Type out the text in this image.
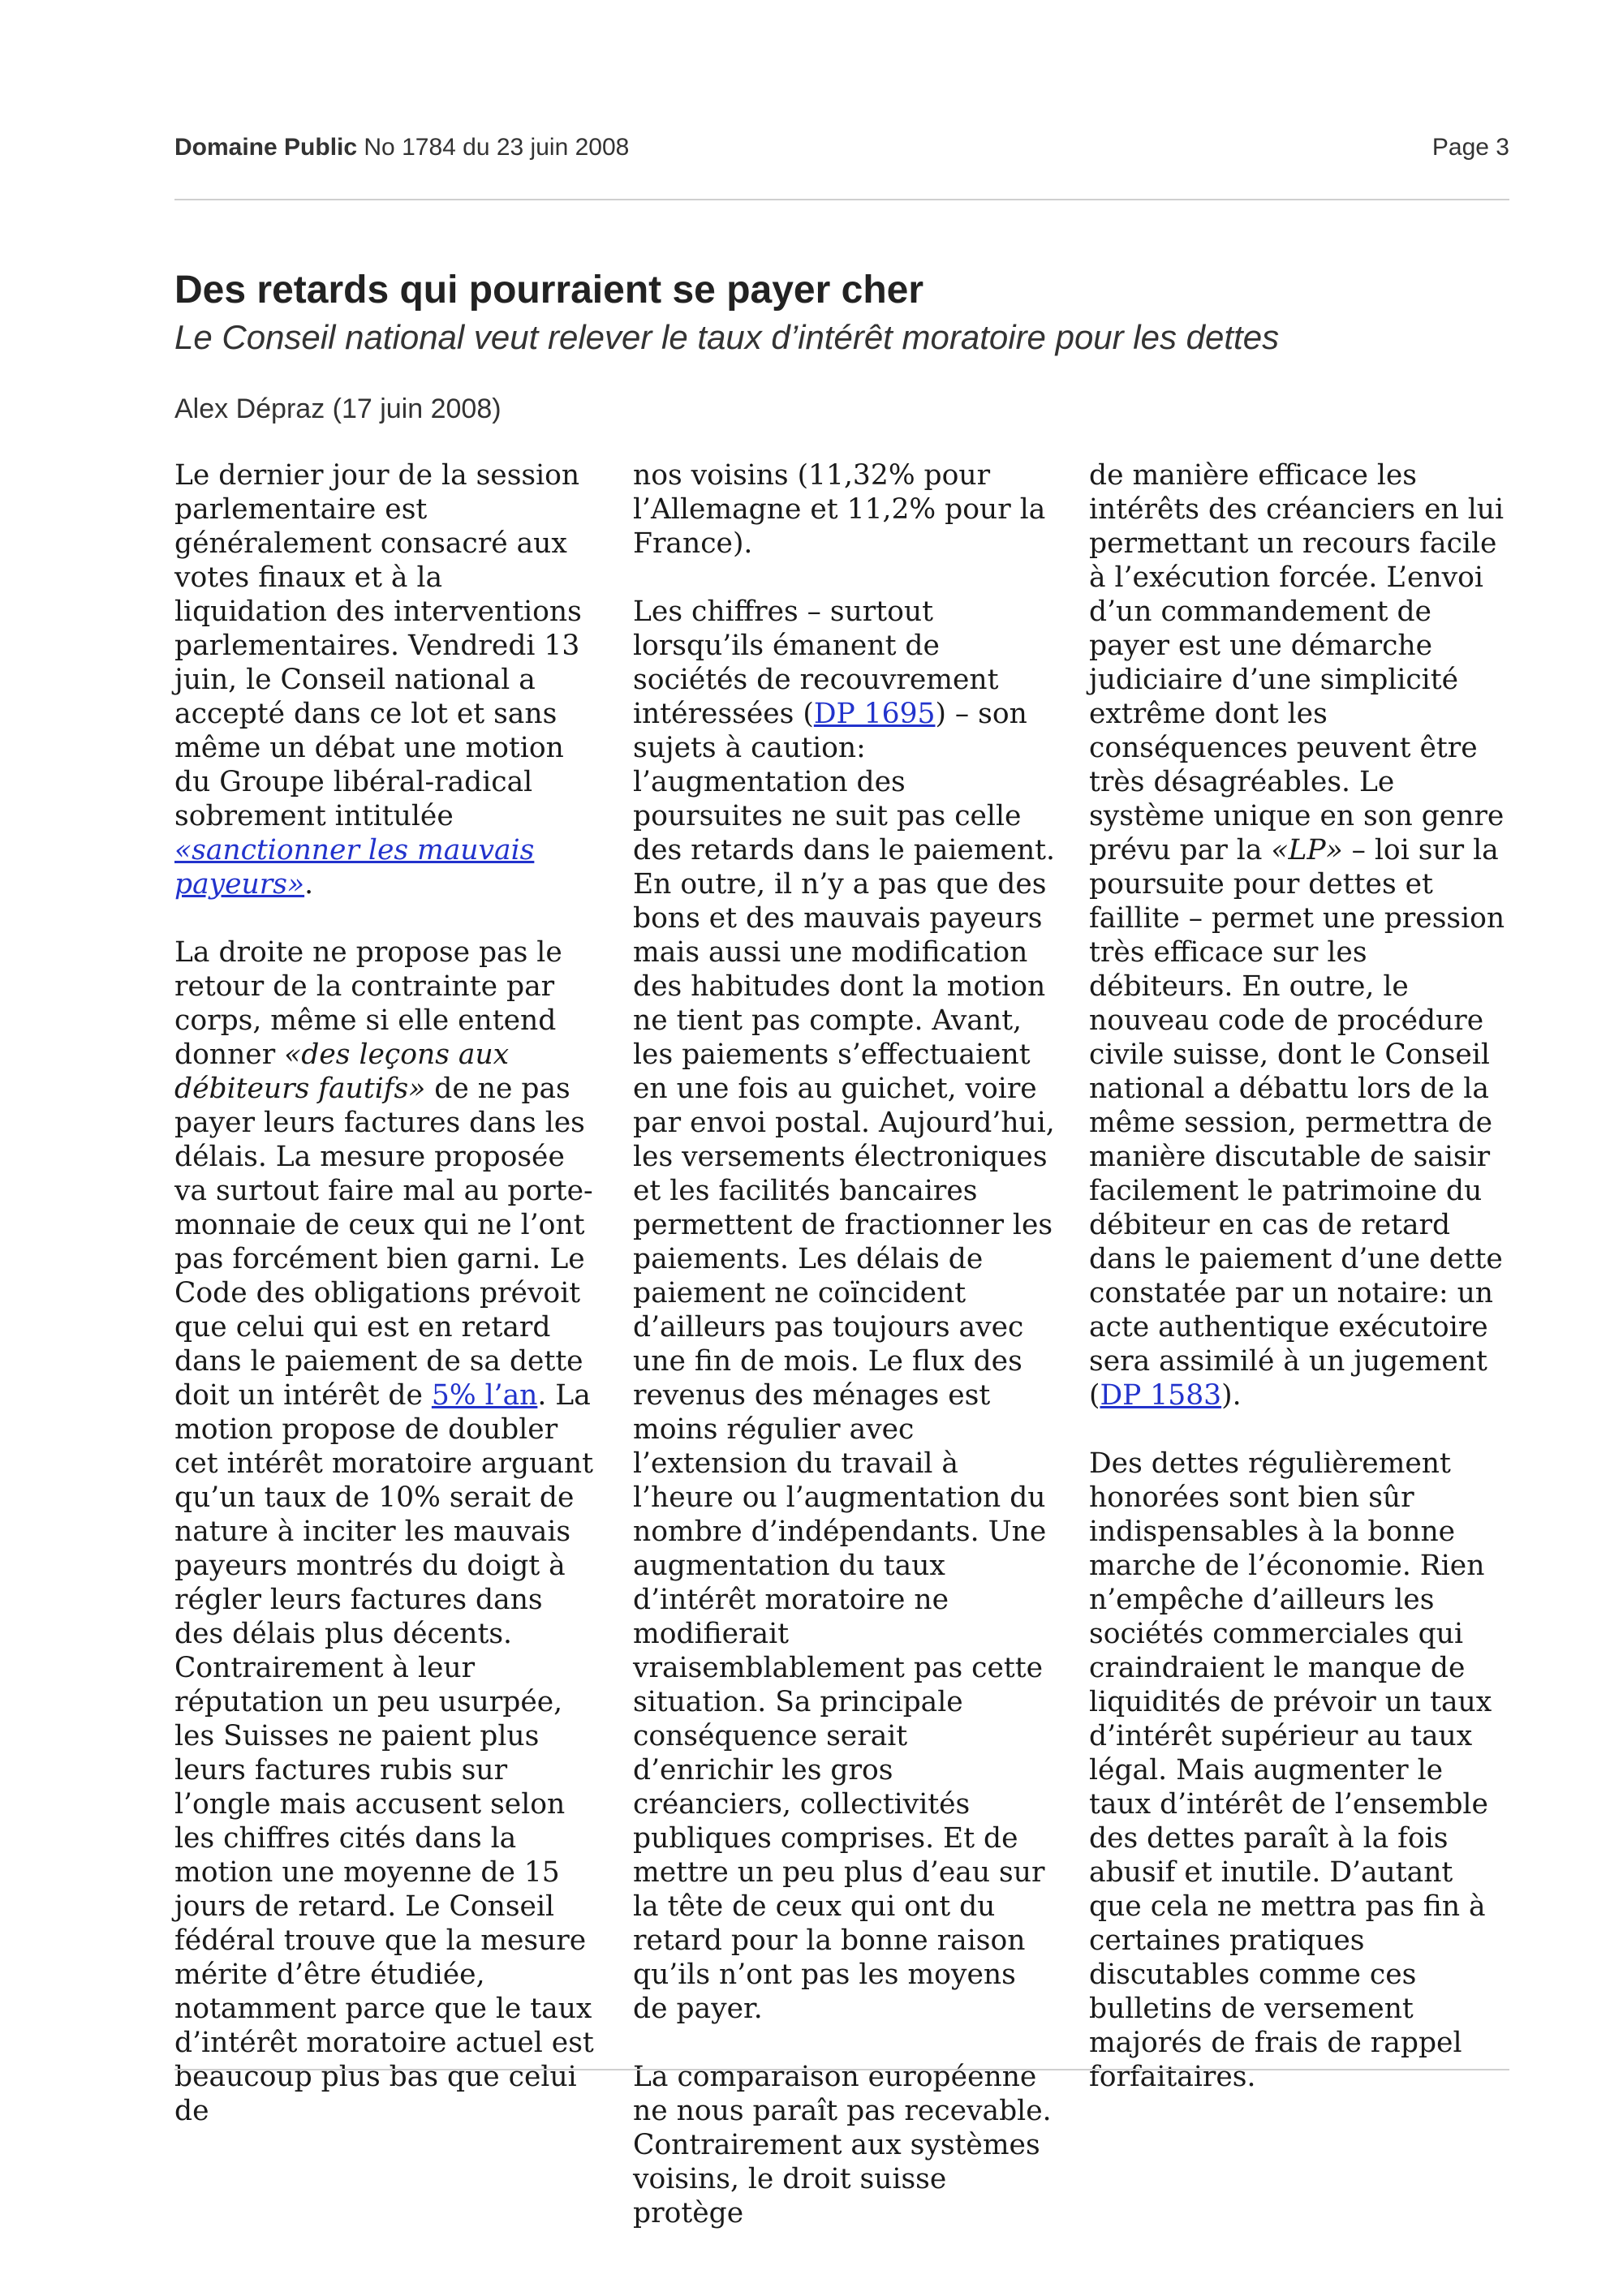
Domaine Public No 1784 du 23 juin 2008	Page 3
Des retards qui pourraient se payer cher
Le Conseil national veut relever le taux d’intérêt moratoire pour les dettes
Alex Dépraz (17 juin 2008)

Le dernier jour de la session parlementaire est généralement consacré aux votes finaux et à la liquidation des interventions parlementaires. Vendredi 13 juin, le Conseil national a accepté dans ce lot et sans même un débat une motion du Groupe libéral-radical sobrement intitulée «sanctionner les mauvais payeurs».

La droite ne propose pas le retour de la contrainte par corps, même si elle entend donner «des leçons aux débiteurs fautifs» de ne pas payer leurs factures dans les délais. La mesure proposée va surtout faire mal au porte-monnaie de ceux qui ne l’ont pas forcément bien garni. Le Code des obligations prévoit que celui qui est en retard dans le paiement de sa dette doit un intérêt de 5% l’an. La motion propose de doubler cet intérêt moratoire arguant qu’un taux de 10% serait de nature à inciter les mauvais payeurs montrés du doigt à régler leurs factures dans des délais plus décents. Contrairement à leur réputation un peu usurpée, les Suisses ne paient plus leurs factures rubis sur l’ongle mais accusent selon les chiffres cités dans la motion une moyenne de 15 jours de retard. Le Conseil fédéral trouve que la mesure mérite d’être étudiée, notamment parce que le taux d’intérêt moratoire actuel est beaucoup plus bas que celui de

nos voisins (11,32% pour l’Allemagne et 11,2% pour la France).

Les chiffres – surtout lorsqu’ils émanent de sociétés de recouvrement intéressées (DP 1695) – son sujets à caution: l’augmentation des poursuites ne suit pas celle des retards dans le paiement. En outre, il n’y a pas que des bons et des mauvais payeurs mais aussi une modification des habitudes dont la motion ne tient pas compte. Avant, les paiements s’effectuaient en une fois au guichet, voire par envoi postal. Aujourd’hui, les versements électroniques et les facilités bancaires permettent de fractionner les paiements. Les délais de paiement ne coïncident d’ailleurs pas toujours avec une fin de mois. Le flux des revenus des ménages est moins régulier avec l’extension du travail à l’heure ou l’augmentation du nombre d’indépendants. Une augmentation du taux d’intérêt moratoire ne modifierait vraisemblablement pas cette situation. Sa principale conséquence serait d’enrichir les gros créanciers, collectivités publiques comprises. Et de mettre un peu plus d’eau sur la tête de ceux qui ont du retard pour la bonne raison qu’ils n’ont pas les moyens de payer.

La comparaison européenne ne nous paraît pas recevable. Contrairement aux systèmes voisins, le droit suisse protège

de manière efficace les intérêts des créanciers en lui permettant un recours facile à l’exécution forcée. L’envoi d’un commandement de payer est une démarche judiciaire d’une simplicité extrême dont les conséquences peuvent être très désagréables. Le système unique en son genre prévu par la «LP» – loi sur la poursuite pour dettes et faillite – permet une pression très efficace sur les débiteurs. En outre, le nouveau code de procédure civile suisse, dont le Conseil national a débattu lors de la même session, permettra de manière discutable de saisir facilement le patrimoine du débiteur en cas de retard dans le paiement d’une dette constatée par un notaire: un acte authentique exécutoire sera assimilé à un jugement (DP 1583).

Des dettes régulièrement honorées sont bien sûr indispensables à la bonne marche de l’économie. Rien n’empêche d’ailleurs les sociétés commerciales qui craindraient le manque de liquidités de prévoir un taux d’intérêt supérieur au taux légal. Mais augmenter le taux d’intérêt de l’ensemble des dettes paraît à la fois abusif et inutile. D’autant que cela ne mettra pas fin à certaines pratiques discutables comme ces bulletins de versement majorés de frais de rappel forfaitaires.
